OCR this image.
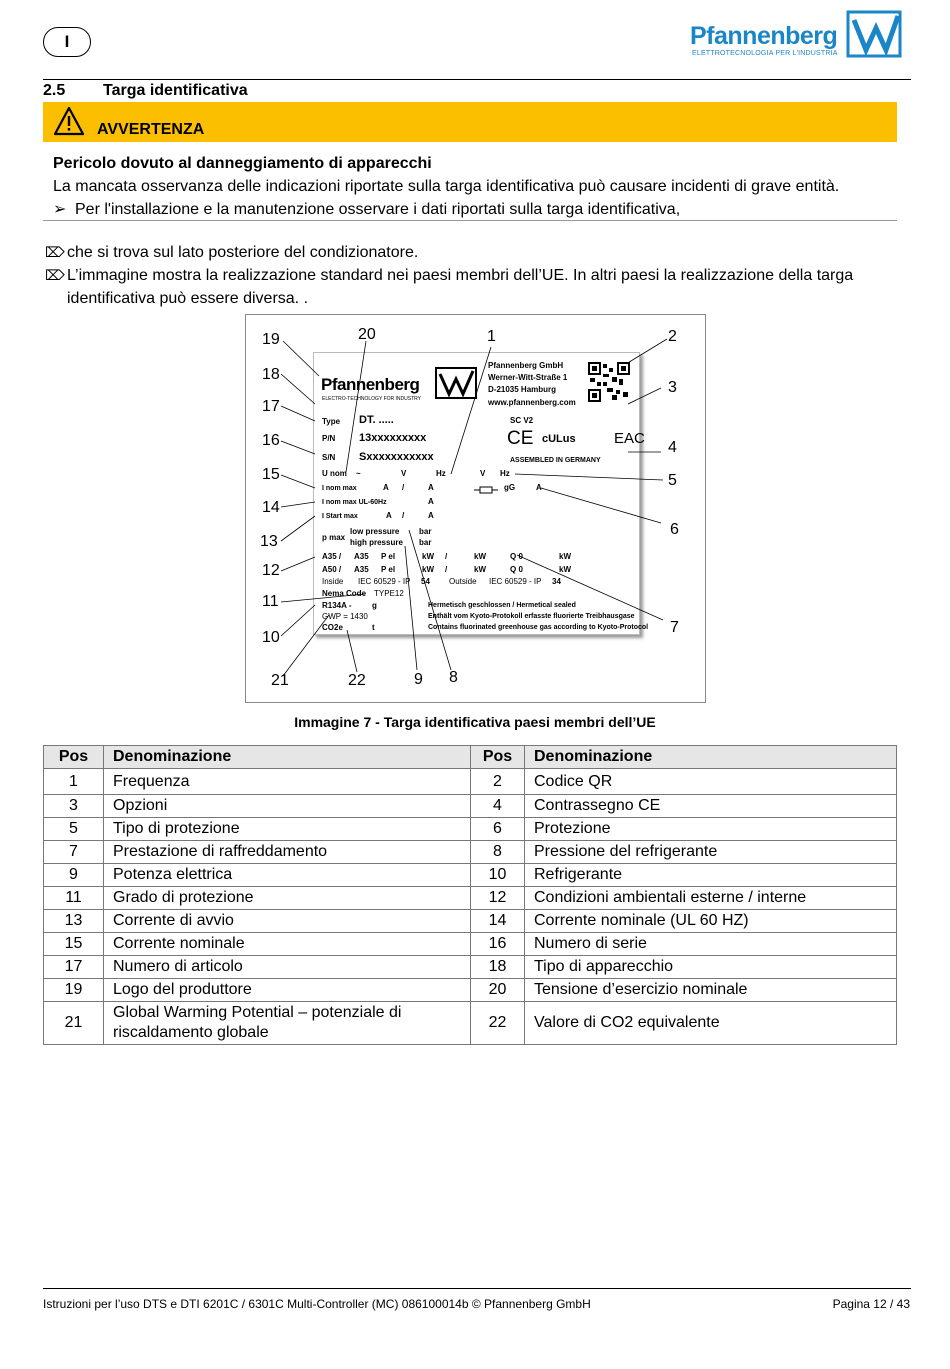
I	Pfannenberg
ELETTROTECNOLOGIA PER L'INDUSTRIA
2.5 Targa identificativa
AVVERTENZA
Pericolo dovuto al danneggiamento di apparecchi
La mancata osservanza delle indicazioni riportate sulla targa identificativa può causare incidenti di grave entità.
➢ Per l'installazione e la manutenzione osservare i dati riportati sulla targa identificativa,
⌦ che si trova sul lato posteriore del condizionatore.
⌦ L’immagine mostra la realizzazione standard nei paesi membri dell’UE. In altri paesi la realizzazione della targa identificativa può essere diversa. .
Pfannenberg
ELECTRO-TECHNOLOGY FOR INDUSTRY
Pfannenberg GmbH
Werner-Witt-Straße 1
D-21035 Hamburg
www.pfannenberg.com
Type DT. .....
P/N 13xxxxxxxxx
S/N Sxxxxxxxxxxx
SC V2
CE cULus	EAC
ASSEMBLED IN GERMANY
U nom ~	V	Hz	V Hz
I nom max	A /	A	gG	A
I nom max UL-60Hz	A
I Start max	A /	A
p max
low pressure bar
high pressure bar
A35 / A35 P el	kW /	kW	Q 0	kW
A50 / A35 P el	kW /	kW	Q 0	kW
Inside IEC 60529 - IP 54 Outside IEC 60529 - IP 34
Nema Code TYPE12
R134A -	g	Hermetisch geschlossen / Hermetical sealed
GWP = 1430	Enthält vom Kyoto-Protokoll erfasste fluorierte Treibhausgase
CO2e	t	Contains fluorinated greenhouse gas according to Kyoto-Protocol
19	20	1	2
18
3
17
16	4
15	5
14
6
13
12
11
7
10
21	22	9 8
Immagine 7 - Targa identificativa paesi membri dell’UE
Pos	Denominazione	Pos	Denominazione
1	Frequenza	2	Codice QR
3	Opzioni	4	Contrassegno CE
5	Tipo di protezione	6	Protezione
7	Prestazione di raffreddamento	8	Pressione del refrigerante
9	Potenza elettrica	10	Refrigerante
11	Grado di protezione	12	Condizioni ambientali esterne / interne
13	Corrente di avvio	14	Corrente nominale (UL 60 HZ)
15	Corrente nominale	16	Numero di serie
17	Numero di articolo	18	Tipo di apparecchio
19	Logo del produttore	20	Tensione d’esercizio nominale
21	Global Warming Potential – potenziale di riscaldamento globale	22	Valore di CO2 equivalente
Istruzioni per l’uso DTS e DTI 6201C / 6301C Multi-Controller (MC) 086100014b © Pfannenberg GmbH	Pagina 12 / 43
